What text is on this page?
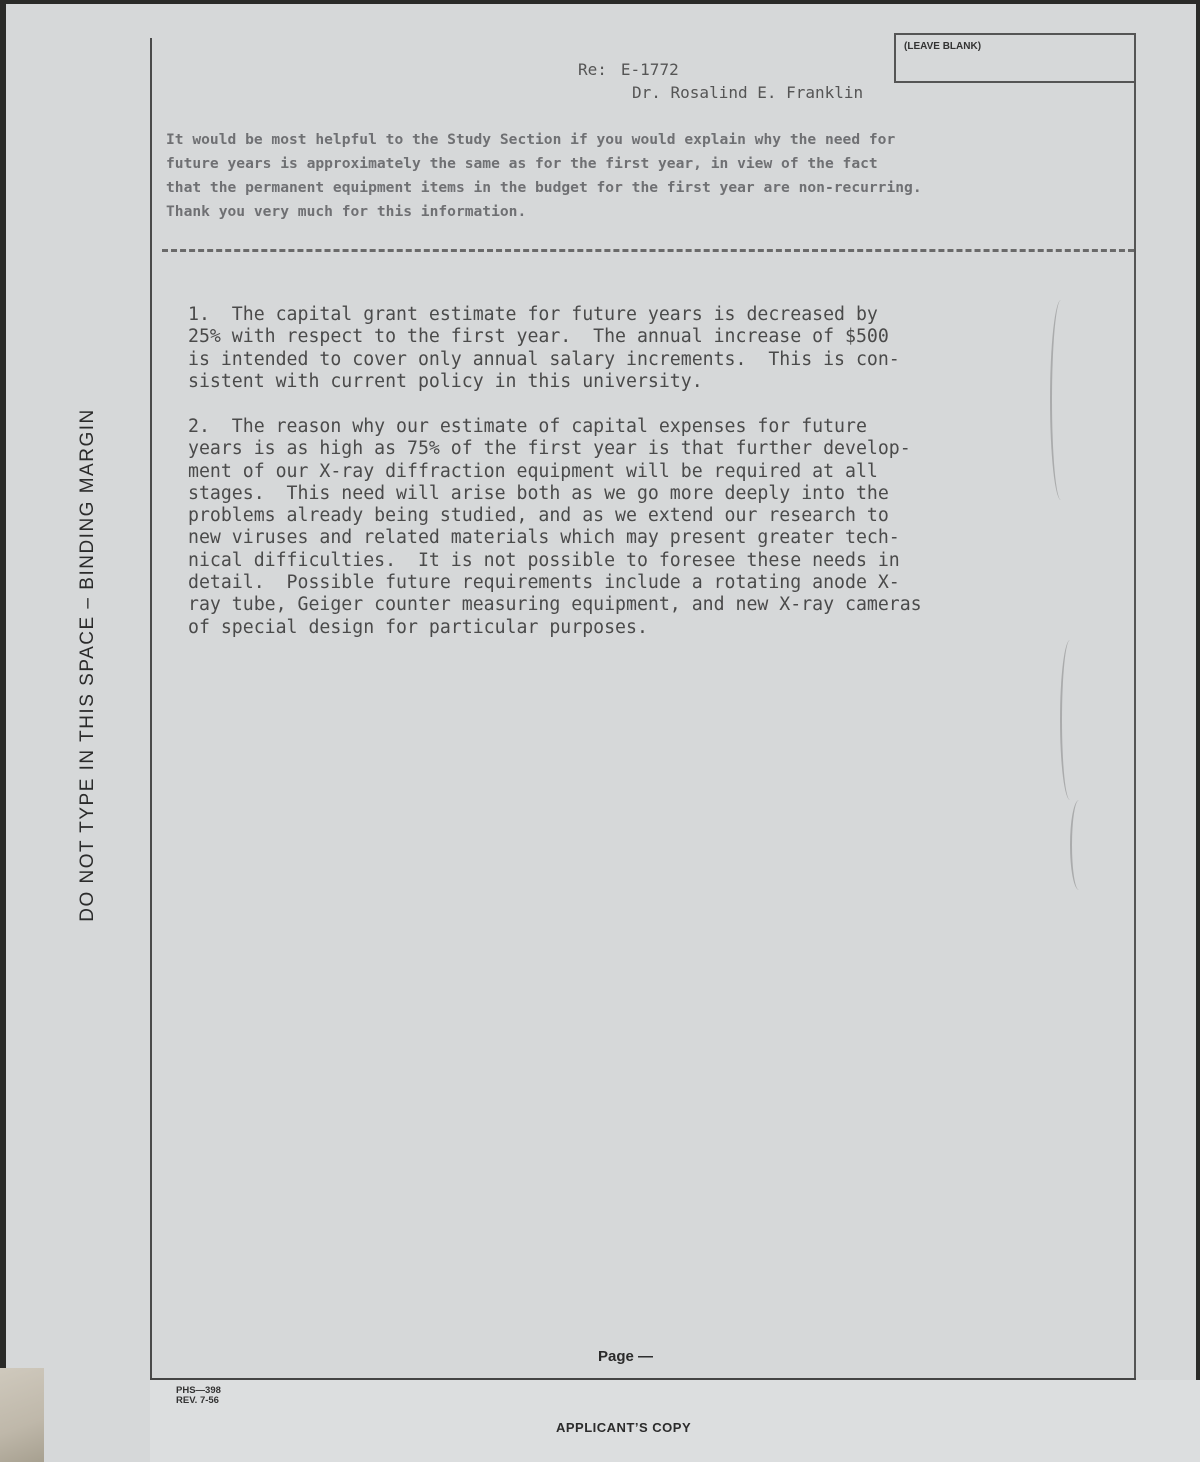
DO NOT TYPE IN THIS SPACE – BINDING MARGIN
(LEAVE BLANK)
Re: E-1772
Dr. Rosalind E. Franklin
It would be most helpful to the Study Section if you would explain why the need for
future years is approximately the same as for the first year, in view of the fact
that the permanent equipment items in the budget for the first year are non-recurring.
Thank you very much for this information.
1.  The capital grant estimate for future years is decreased by
25% with respect to the first year.  The annual increase of $500
is intended to cover only annual salary increments.  This is con-
sistent with current policy in this university.
2.  The reason why our estimate of capital expenses for future
years is as high as 75% of the first year is that further develop-
ment of our X-ray diffraction equipment will be required at all
stages.  This need will arise both as we go more deeply into the
problems already being studied, and as we extend our research to
new viruses and related materials which may present greater tech-
nical difficulties.  It is not possible to foresee these needs in
detail.  Possible future requirements include a rotating anode X-
ray tube, Geiger counter measuring equipment, and new X-ray cameras
of special design for particular purposes.
Page —
PHS—398
REV. 7-56
APPLICANT’S COPY
